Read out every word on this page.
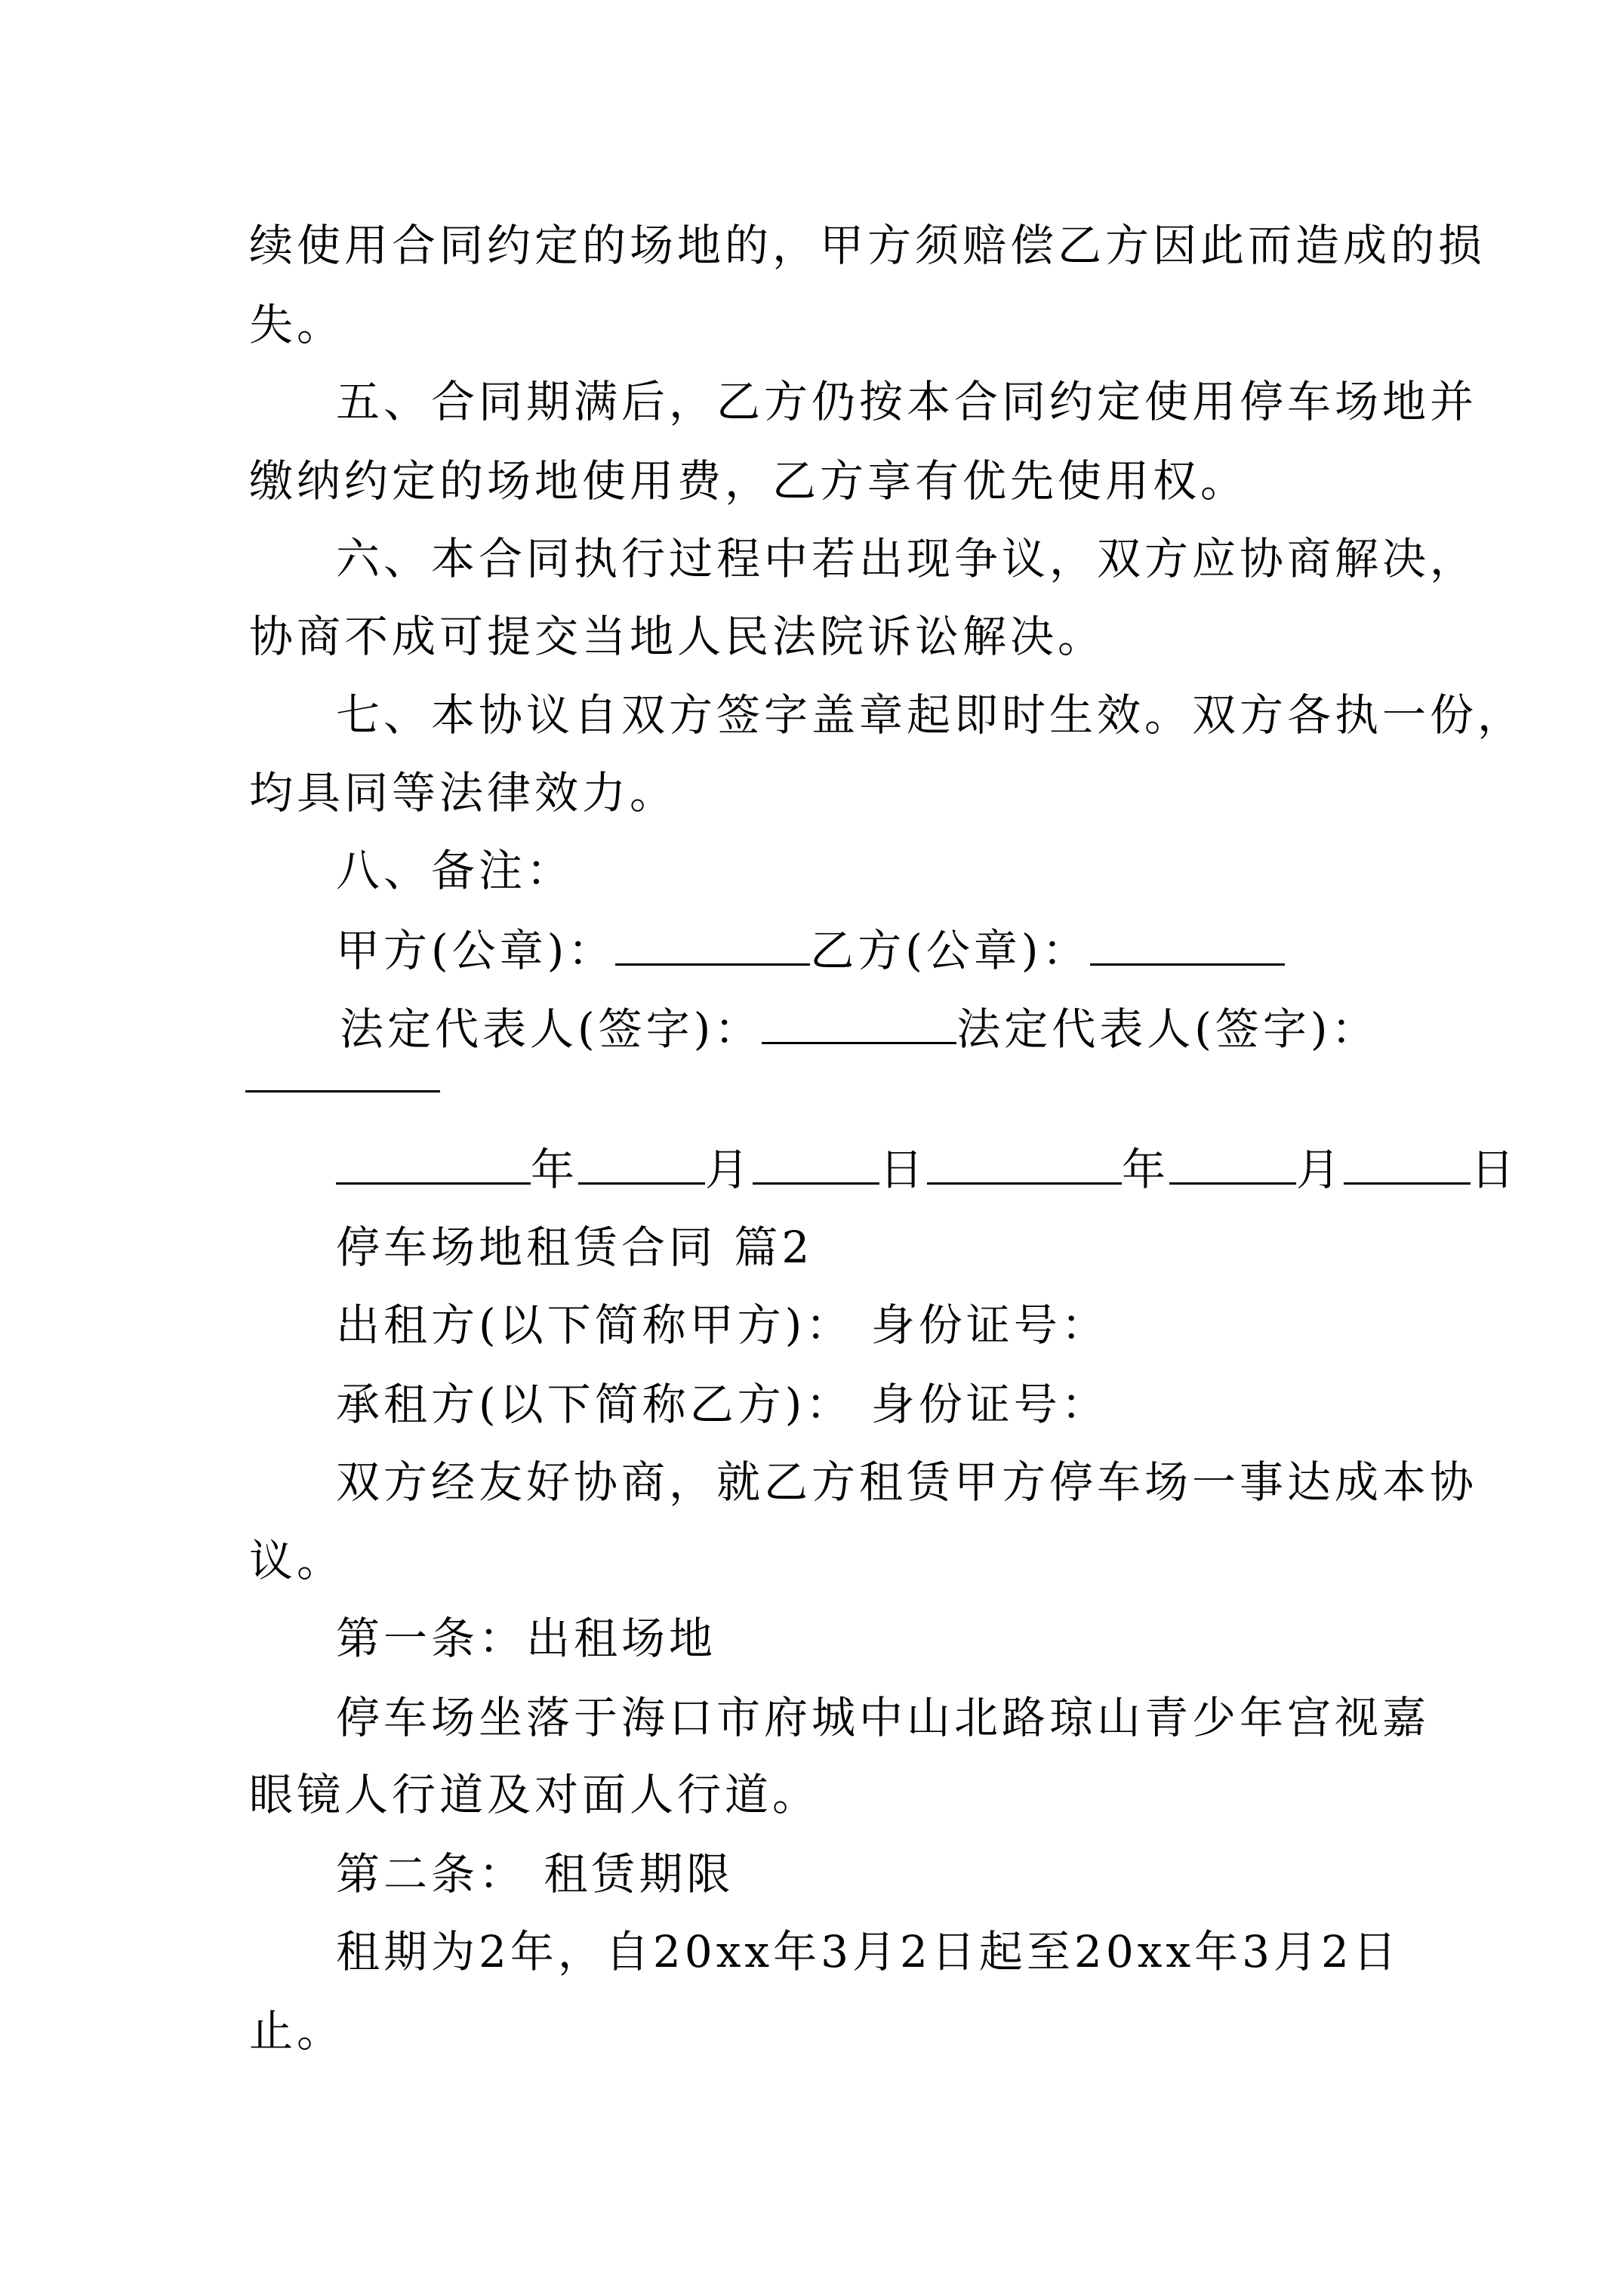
续使用合同约定的场地的，甲方须赔偿乙方因此而造成的损
失。
五、合同期满后，乙方仍按本合同约定使用停车场地并
缴纳约定的场地使用费，乙方享有优先使用权。
六、本合同执行过程中若出现争议，双方应协商解决，
协商不成可提交当地人民法院诉讼解决。
七、本协议自双方签字盖章起即时生效。双方各执一份，
均具同等法律效力。
八、备注：
甲方(公章)：	乙方(公章)：
法定代表人(签字)：	法定代表人(签字)：
年	月	日	年	月	日
停车场地租赁合同 篇2
出租方(以下简称甲方)： 身份证号：
承租方(以下简称乙方)： 身份证号：
双方经友好协商，就乙方租赁甲方停车场一事达成本协
议。
第一条：出租场地
停车场坐落于海口市府城中山北路琼山青少年宫视嘉
眼镜人行道及对面人行道。
第二条： 租赁期限
租期为2年，自20xx年3月2日起至20xx年3月2日
止。
